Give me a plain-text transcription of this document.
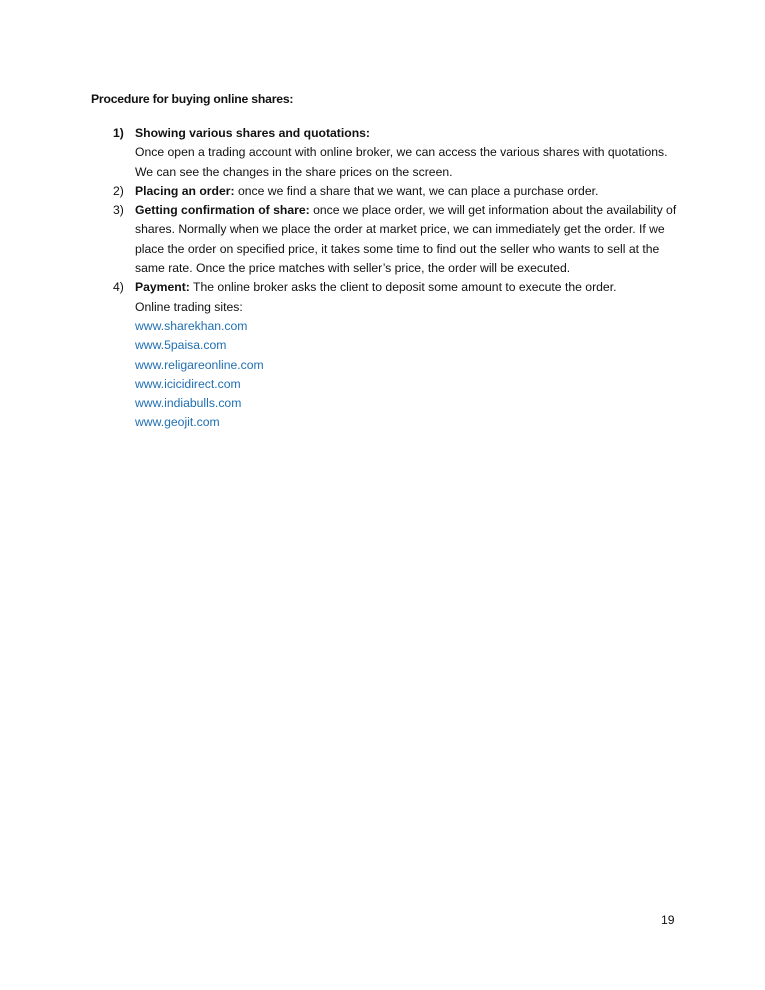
Procedure for buying online shares:
1) Showing various shares and quotations:
Once open a trading account with online broker, we can access the various shares with quotations. We can see the changes in the share prices on the screen.
2) Placing an order: once we find a share that we want, we can place a purchase order.
3) Getting confirmation of share: once we place order, we will get information about the availability of shares. Normally when we place the order at market price, we can immediately get the order. If we place the order on specified price, it takes some time to find out the seller who wants to sell at the same rate. Once the price matches with seller’s price, the order will be executed.
4) Payment: The online broker asks the client to deposit some amount to execute the order.
Online trading sites:
www.sharekhan.com
www.5paisa.com
www.religareonline.com
www.icicidirect.com
www.indiabulls.com
www.geojit.com
19
